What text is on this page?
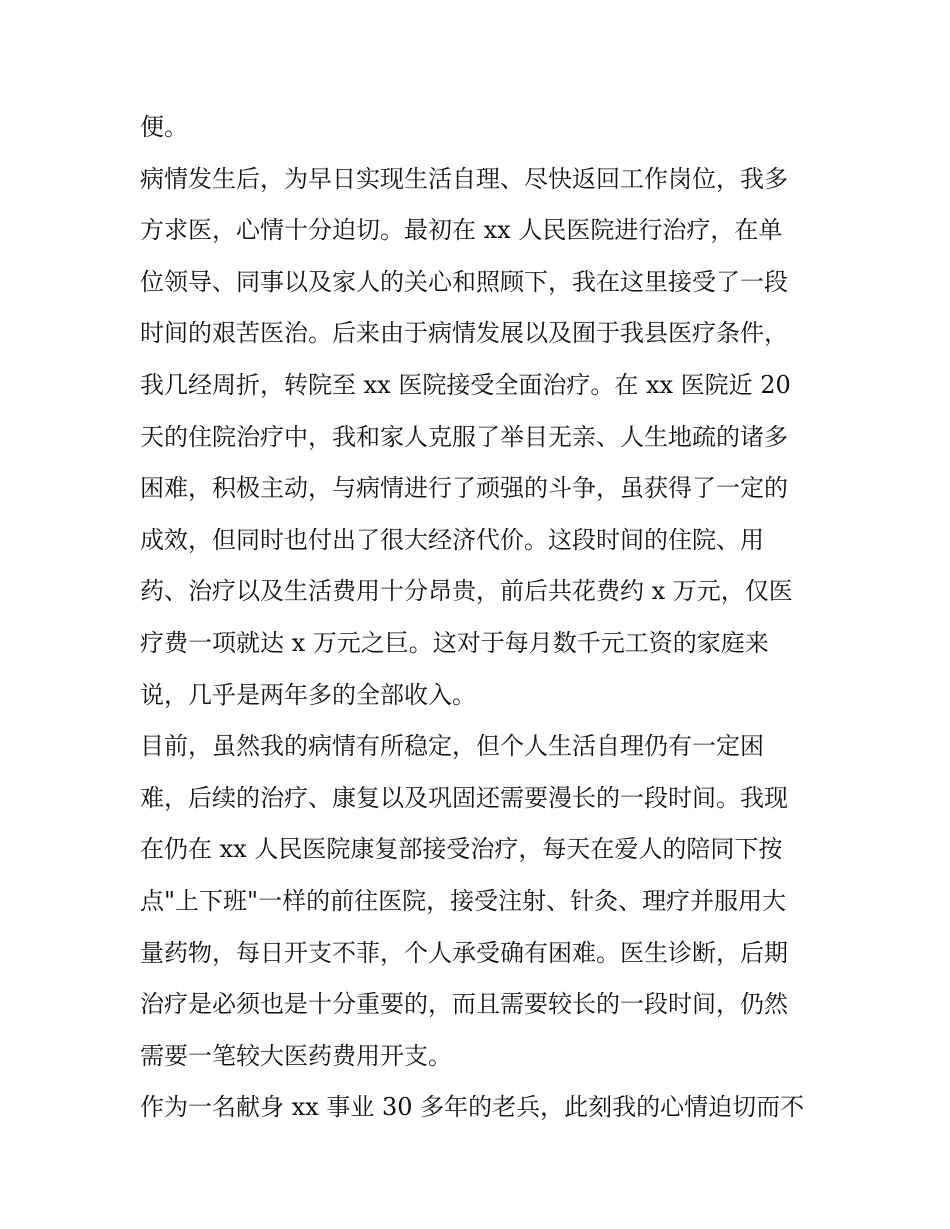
便。
病情发生后，为早日实现生活自理、尽快返回工作岗位，我多
方求医，心情十分迫切。最初在 xx 人民医院进行治疗，在单
位领导、同事以及家人的关心和照顾下，我在这里接受了一段
时间的艰苦医治。后来由于病情发展以及囿于我县医疗条件，
我几经周折，转院至 xx 医院接受全面治疗。在 xx 医院近 20
天的住院治疗中，我和家人克服了举目无亲、人生地疏的诸多
困难，积极主动，与病情进行了顽强的斗争，虽获得了一定的
成效，但同时也付出了很大经济代价。这段时间的住院、用
药、治疗以及生活费用十分昂贵，前后共花费约 x 万元，仅医
疗费一项就达 x 万元之巨。这对于每月数千元工资的家庭来
说，几乎是两年多的全部收入。
目前，虽然我的病情有所稳定，但个人生活自理仍有一定困
难，后续的治疗、康复以及巩固还需要漫长的一段时间。我现
在仍在 xx 人民医院康复部接受治疗，每天在爱人的陪同下按
点"上下班"一样的前往医院，接受注射、针灸、理疗并服用大
量药物，每日开支不菲，个人承受确有困难。医生诊断，后期
治疗是必须也是十分重要的，而且需要较长的一段时间，仍然
需要一笔较大医药费用开支。
作为一名献身 xx 事业 30 多年的老兵，此刻我的心情迫切而不
